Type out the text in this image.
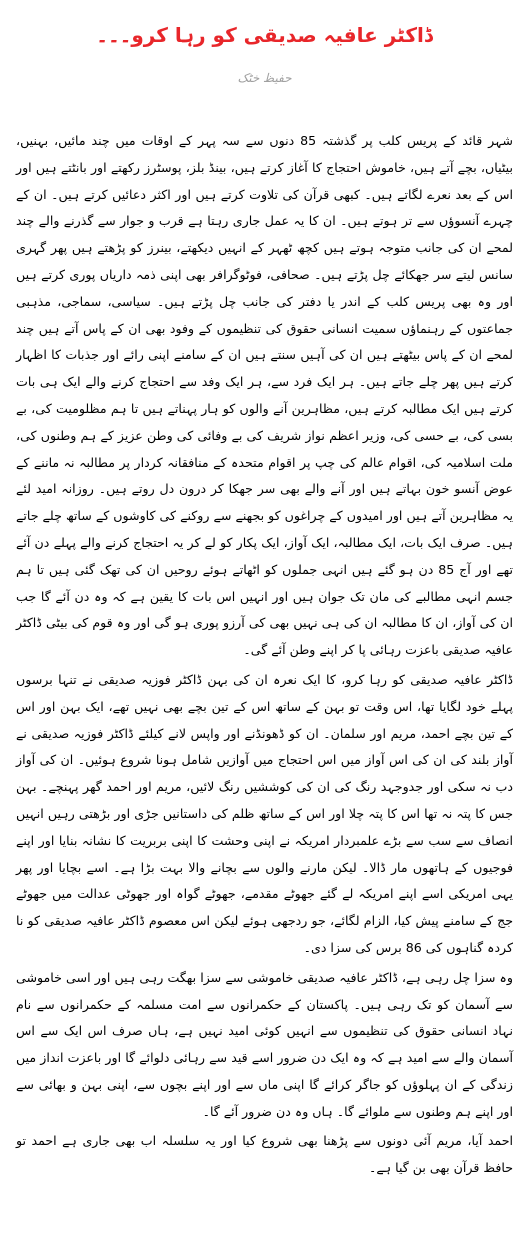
ڈاکٹر عافیہ صدیقی کو رہا کرو۔۔۔
حفیظ خٹک

شہر قائد کے پریس کلب پر گذشتہ 85 دنوں سے سہ پہر کے اوقات میں چند مائیں، بہنیں، بیٹیاں، بچے آتے ہیں، خاموش احتجاج کا آغاز کرتے ہیں، بینڈ بلز، پوسٹرز رکھتے اور بانٹتے ہیں اور اس کے بعد نعرے لگاتے ہیں۔ کبھی قرآن کی تلاوت کرتے ہیں اور اکثر دعائیں کرتے ہیں۔ ان کے چہرے آنسوؤں سے تر ہوتے ہیں۔ ان کا یہ عمل جاری رہتا ہے قرب و جوار سے گذرنے والے چند لمحے ان کی جانب متوجہ ہوتے ہیں کچھ ٹھہر کے انہیں دیکھتے، بینرز کو پڑھتے ہیں پھر گہری سانس لیتے سر جھکائے چل پڑتے ہیں۔ صحافی، فوٹوگرافر بھی اپنی ذمہ داریاں پوری کرتے ہیں اور وہ بھی پریس کلب کے اندر یا دفتر کی جانب چل پڑتے ہیں۔ سیاسی، سماجی، مذہبی جماعتوں کے رہنماؤں سمیت انسانی حقوق کی تنظیموں کے وفود بھی ان کے پاس آتے ہیں چند لمحے ان کے پاس بیٹھتے ہیں ان کی آہیں سنتے ہیں ان کے سامنے اپنی رائے اور جذبات کا اظہار کرتے ہیں پھر چلے جاتے ہیں۔ ہر ایک فرد سے، ہر ایک وفد سے احتجاج کرنے والے ایک ہی بات کرتے ہیں ایک مطالبہ کرتے ہیں، مظاہرین آنے والوں کو ہار پہناتے ہیں تا ہم مظلومیت کی، بے بسی کی، بے حسی کی، وزیر اعظم نواز شریف کی بے وفائی کی وطن عزیز کے ہم وطنوں کی، ملت اسلامیہ کی، اقوام عالم کی چپ پر اقوام متحدہ کے منافقانہ کردار پر مطالبہ نہ ماننے کے عوض آنسو خون بہاتے ہیں اور آنے والے بھی سر جھکا کر درون دل روتے ہیں۔ روزانہ امید لئے یہ مظاہرین آتے ہیں اور امیدوں کے چراغوں کو بجھنے سے روکنے کی کاوشوں کے ساتھ چلے جاتے ہیں۔ صرف ایک بات، ایک مطالبہ، ایک آواز، ایک پکار کو لے کر یہ احتجاج کرنے والے پہلے دن آئے تھے اور آج 85 دن ہو گئے ہیں انہی جملوں کو اٹھاتے ہوئے روحیں ان کی تھک گئی ہیں تا ہم جسم انہی مطالبے کی مان تک جوان ہیں اور انہیں اس بات کا یقین ہے کہ وہ دن آئے گا جب ان کی آواز، ان کا مطالبہ ان کی ہی نہیں بھی کی آرزو پوری ہو گی اور وہ قوم کی بیٹی ڈاکٹر عافیہ صدیقی باعزت رہائی پا کر اپنے وطن آئے گی۔

ڈاکٹر عافیہ صدیقی کو رہا کرو، کا ایک نعرہ ان کی بہن ڈاکٹر فوزیہ صدیقی نے تنہا برسوں پہلے خود لگایا تھا، اس وقت تو بہن کے ساتھ اس کے تین بچے بھی نہیں تھے، ایک بہن اور اس کے تین بچے احمد، مریم اور سلمان۔ ان کو ڈھونڈنے اور واپس لانے کیلئے ڈاکٹر فوزیہ صدیقی نے آواز بلند کی ان کی اس آواز میں اس احتجاج میں آوازیں شامل ہونا شروع ہوئیں۔ ان کی آواز دب نہ سکی اور جدوجہد رنگ کی ان کی کوششیں رنگ لائیں، مریم اور احمد گھر پہنچے۔ بہن جس کا پتہ نہ تھا اس کا پتہ چلا اور اس کے ساتھ ظلم کی داستانیں جڑی اور بڑھتی رہیں انہیں انصاف سے سب سے بڑے علمبردار امریکہ نے اپنی وحشت کا اپنی بربریت کا نشانہ بنایا اور اپنے فوجیوں کے ہاتھوں مار ڈالا۔ لیکن مارنے والوں سے بچانے والا بہت بڑا ہے۔ اسے بچایا اور پھر یہی امریکی اسے اپنے امریکہ لے گئے جھوٹے مقدمے، جھوٹے گواہ اور جھوٹی عدالت میں جھوٹے جج کے سامنے پیش کیا، الزام لگائے، جو ردجھی ہوئے لیکن اس معصوم ڈاکٹر عافیہ صدیقی کو نا کردہ گناہوں کی 86 برس کی سزا دی۔

وہ سزا چل رہی ہے، ڈاکٹر عافیہ صدیقی خاموشی سے سزا بھگت رہی ہیں اور اسی خاموشی سے آسمان کو تک رہی ہیں۔ پاکستان کے حکمرانوں سے امت مسلمہ کے حکمرانوں سے نام نہاد انسانی حقوق کی تنظیموں سے انہیں کوئی امید نہیں ہے، ہاں صرف اس ایک سے اس آسمان والے سے امید ہے کہ وہ ایک دن ضرور اسے قید سے رہائی دلوائے گا اور باعزت انداز میں زندگی کے ان پہلوؤں کو جاگر کرائے گا اپنی ماں سے اور اپنے بچوں سے، اپنی بہن و بھائی سے اور اپنے ہم وطنوں سے ملوائے گا۔ ہاں وہ دن ضرور آئے گا۔

احمد آیا، مریم آئی دونوں سے پڑھنا بھی شروع کیا اور یہ سلسلہ اب بھی جاری ہے احمد تو حافظ قرآن بھی بن گیا ہے۔
